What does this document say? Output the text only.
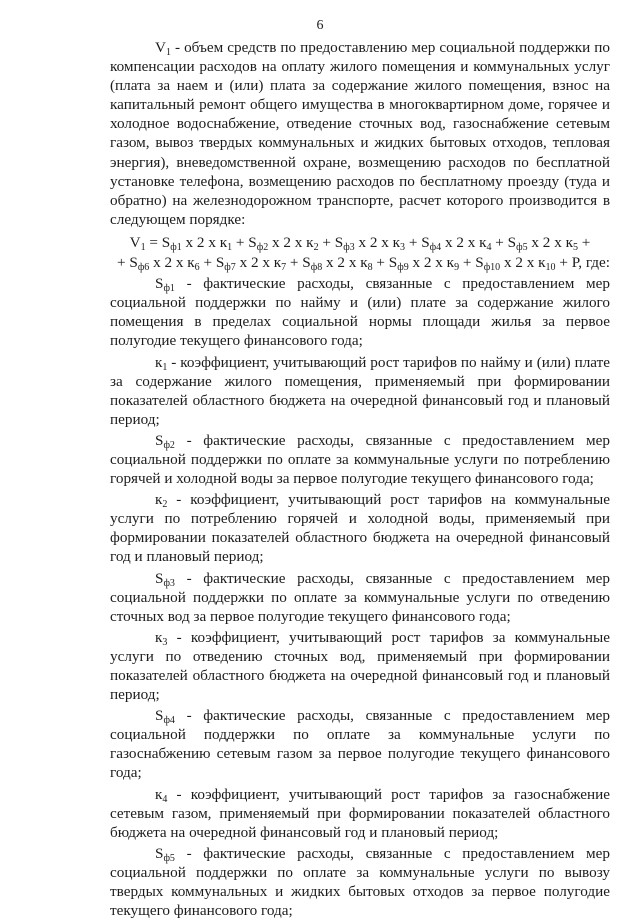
6

$V_1$ - объем средств по предоставлению мер социальной поддержки по компенсации расходов на оплату жилого помещения и коммунальных услуг (плата за наем и (или) плата за содержание жилого помещения, взнос на капитальный ремонт общего имущества в многоквартирном доме, горячее и холодное водоснабжение, отведение сточных вод, газоснабжение сетевым газом, вывоз твердых коммунальных и жидких бытовых отходов, тепловая энергия), вневедомственной охране, возмещению расходов по бесплатной установке телефона, возмещению расходов по бесплатному проезду (туда и обратно) на железнодорожном транспорте, расчет которого производится в следующем порядке:

$V_1 = S_{ф1}$ х 2 х $к_1 + S_{ф2}$ х 2 х $к_2 + S_{ф3}$ х 2 х $к_3 + S_{ф4}$ х 2 х $к_4 + S_{ф5}$ х 2 х $к_5$ +
+ $S_{ф6}$ х 2 х $к_6 + S_{ф7}$ х 2 х $к_7 + S_{ф8}$ х 2 х $к_8 + S_{ф9}$ х 2 х $к_9 + S_{ф10}$ х 2 х $к_{10} + Р$, где:

$S_{ф1}$ - фактические расходы, связанные с предоставлением мер социальной поддержки по найму и (или) плате за содержание жилого помещения в пределах социальной нормы площади жилья за первое полугодие текущего финансового года;

$к_1$ - коэффициент, учитывающий рост тарифов по найму и (или) плате за содержание жилого помещения, применяемый при формировании показателей областного бюджета на очередной финансовый год и плановый период;

$S_{ф2}$ - фактические расходы, связанные с предоставлением мер социальной поддержки по оплате за коммунальные услуги по потреблению горячей и холодной воды за первое полугодие текущего финансового года;

$к_2$ - коэффициент, учитывающий рост тарифов на коммунальные услуги по потреблению горячей и холодной воды, применяемый при формировании показателей областного бюджета на очередной финансовый год и плановый период;

$S_{ф3}$ - фактические расходы, связанные с предоставлением мер социальной поддержки по оплате за коммунальные услуги по отведению сточных вод за первое полугодие текущего финансового года;

$к_3$ - коэффициент, учитывающий рост тарифов за коммунальные услуги по отведению сточных вод, применяемый при формировании показателей областного бюджета на очередной финансовый год и плановый период;

$S_{ф4}$ - фактические расходы, связанные с предоставлением мер социальной поддержки по оплате за коммунальные услуги по газоснабжению сетевым газом за первое полугодие текущего финансового года;

$к_4$ - коэффициент, учитывающий рост тарифов за газоснабжение сетевым газом, применяемый при формировании показателей областного бюджета на очередной финансовый год и плановый период;

$S_{ф5}$ - фактические расходы, связанные с предоставлением мер социальной поддержки по оплате за коммунальные услуги по вывозу твердых коммунальных и жидких бытовых отходов за первое полугодие текущего финансового года;
